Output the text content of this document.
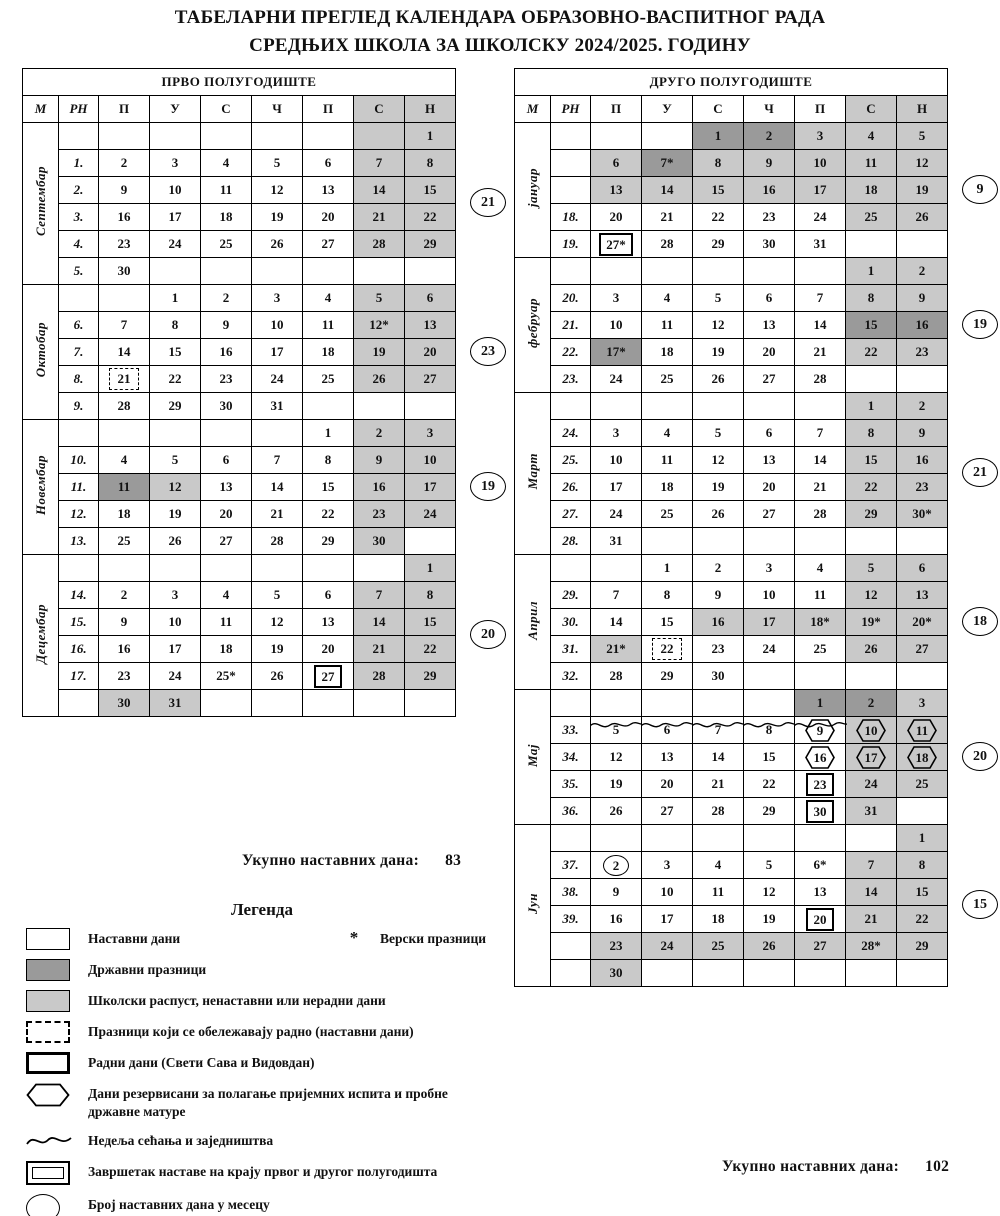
ТАБЕЛАРНИ ПРЕГЛЕД КАЛЕНДАРА ОБРАЗОВНО-ВАСПИТНОГ РАДА
СРЕДЊИХ ШКОЛА ЗА ШКОЛСКУ 2024/2025. ГОДИНУ
ПРВО ПОЛУГОДИШТЕ								
М	РН	П	У	С	Ч	П	С	Н
Септембар								1
	1.	2	3	4	5	6	7	8
	2.	9	10	11	12	13	14	15
	3.	16	17	18	19	20	21	22
	4.	23	24	25	26	27	28	29
	5.	30						
Октобар			1	2	3	4	5	6
	6.	7	8	9	10	11	12*	13
	7.	14	15	16	17	18	19	20
	8.	21	22	23	24	25	26	27
	9.	28	29	30	31			
Новембар						1	2	3
	10.	4	5	6	7	8	9	10
	11.	11	12	13	14	15	16	17
	12.	18	19	20	21	22	23	24
	13.	25	26	27	28	29	30	
Децембар								1
	14.	2	3	4	5	6	7	8
	15.	9	10	11	12	13	14	15
	16.	16	17	18	19	20	21	22
	17.	23	24	25*	26	27	28	29
		30	31					
ДРУГО ПОЛУГОДИШТЕ								
М	РН	П	У	С	Ч	П	С	Н
јануар				1	2	3	4	5
		6	7*	8	9	10	11	12
		13	14	15	16	17	18	19
	18.	20	21	22	23	24	25	26
	19.	27*	28	29	30	31		
фебруар							1	2
	20.	3	4	5	6	7	8	9
	21.	10	11	12	13	14	15	16
	22.	17*	18	19	20	21	22	23
	23.	24	25	26	27	28		
Март							1	2
	24.	3	4	5	6	7	8	9
	25.	10	11	12	13	14	15	16
	26.	17	18	19	20	21	22	23
	27.	24	25	26	27	28	29	30*
	28.	31						
Април			1	2	3	4	5	6
	29.	7	8	9	10	11	12	13
	30.	14	15	16	17	18*	19*	20*
	31.	21*	22	23	24	25	26	27
	32.	28	29	30				
Мај						1	2	3
	33.	5	6	7	8	9	10	11

	34.	12	13	14	15	16	17	18

	35.	19	20	21	22	23	24	25
	36.	26	27	28	29	30	31	
Јун								1
	37.	2	3	4	5	6*	7	8
	38.	9	10	11	12	13	14	15
	39.	16	17	18	19	20	21	22
		23	24	25	26	27	28*	29
		30						
21
23
19
20
9
19
21
18
20
15
Укупно наставних дана: 83
Укупно наставних дана: 102
Легенда
Наставни дани	*	Верски празници
Државни празници
Школски распуст, ненаставни или нерадни дани
Празници који се обележавају радно (наставни дани)
Радни дани (Свети Сава и Видовдан)
Дани резервисани за полагање пријемних испита и пробне државне матуре
Недеља сећања и заједништва
Завршетак наставе на крају првог и другог полугодишта
Број наставних дана у месецу
